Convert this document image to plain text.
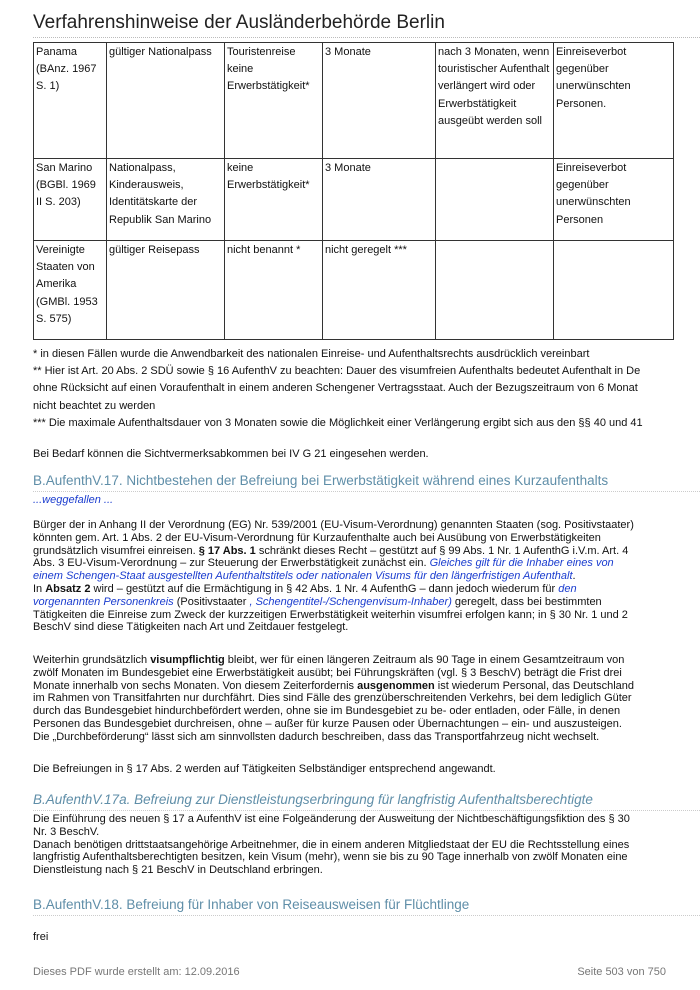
Verfahrenshinweise der Ausländerbehörde Berlin
Panama (BAnz. 1967 S. 1)	gültiger Nationalpass	Touristenreise keine Erwerbstätigkeit*	3 Monate	nach 3 Monaten, wenn touristischer Aufenthalt verlängert wird oder Erwerbstätigkeit ausgeübt werden soll	Einreiseverbot gegenüber unerwünschten Personen.
San Marino (BGBl. 1969 II S. 203)	Nationalpass, Kinderausweis, Identitätskarte der Republik San Marino	keine Erwerbstätigkeit*	3 Monate		Einreiseverbot gegenüber unerwünschten Personen
Vereinigte Staaten von Amerika (GMBl. 1953 S. 575)	gültiger Reisepass	nicht benannt *	nicht geregelt ***		
* in diesen Fällen wurde die Anwendbarkeit des nationalen Einreise- und Aufenthaltsrechts ausdrücklich vereinbart
** Hier ist Art. 20 Abs. 2 SDÜ sowie § 16 AufenthV zu beachten: Dauer des visumfreien Aufenthalts bedeutet Aufenthalt in De
ohne Rücksicht auf einen Voraufenthalt in einem anderen Schengener Vertragsstaat. Auch der Bezugszeitraum von 6 Monat
nicht beachtet zu werden
*** Die maximale Aufenthaltsdauer von 3 Monaten sowie die Möglichkeit einer Verlängerung ergibt sich aus den §§ 40 und 41
Bei Bedarf können die Sichtvermerksabkommen bei IV G 21 eingesehen werden.
B.AufenthV.17. Nichtbestehen der Befreiung bei Erwerbstätigkeit während eines Kurzaufenthalts
...weggefallen ...
Bürger der in Anhang II der Verordnung (EG) Nr. 539/2001 (EU-Visum-Verordnung) genannten Staaten (sog. Positivstaater)
könnten gem. Art. 1 Abs. 2 der EU-Visum-Verordnung für Kurzaufenthalte auch bei Ausübung von Erwerbstätigkeiten
grundsätzlich visumfrei einreisen. § 17 Abs. 1 schränkt dieses Recht – gestützt auf § 99 Abs. 1 Nr. 1 AufenthG i.V.m. Art. 4
Abs. 3 EU-Visum-Verordnung – zur Steuerung der Erwerbstätigkeit zunächst ein. Gleiches gilt für die Inhaber eines von
einem Schengen-Staat ausgestellten Aufenthaltstitels oder nationalen Visums für den längerfristigen Aufenthalt.
In Absatz 2 wird – gestützt auf die Ermächtigung in § 42 Abs. 1 Nr. 4 AufenthG – dann jedoch wiederum für den
vorgenannten Personenkreis (Positivstaater , Schengentitel-/Schengenvisum-Inhaber) geregelt, dass bei bestimmten
Tätigkeiten die Einreise zum Zweck der kurzzeitigen Erwerbstätigkeit weiterhin visumfrei erfolgen kann; in § 30 Nr. 1 und 2
BeschV sind diese Tätigkeiten nach Art und Zeitdauer festgelegt.
Weiterhin grundsätzlich visumpflichtig bleibt, wer für einen längeren Zeitraum als 90 Tage in einem Gesamtzeitraum von
zwölf Monaten im Bundesgebiet eine Erwerbstätigkeit ausübt; bei Führungskräften (vgl. § 3 BeschV) beträgt die Frist drei
Monate innerhalb von sechs Monaten. Von diesem Zeiterfordernis ausgenommen ist wiederum Personal, das Deutschland
im Rahmen von Transitfahrten nur durchfährt. Dies sind Fälle des grenzüberschreitenden Verkehrs, bei dem lediglich Güter
durch das Bundesgebiet hindurchbefördert werden, ohne sie im Bundesgebiet zu be- oder entladen, oder Fälle, in denen
Personen das Bundesgebiet durchreisen, ohne – außer für kurze Pausen oder Übernachtungen – ein- und auszusteigen.
Die „Durchbeförderung“ lässt sich am sinnvollsten dadurch beschreiben, dass das Transportfahrzeug nicht wechselt.
Die Befreiungen in § 17 Abs. 2 werden auf Tätigkeiten Selbständiger entsprechend angewandt.
B.AufenthV.17a. Befreiung zur Dienstleistungserbringung für langfristig Aufenthaltsberechtigte
Die Einführung des neuen § 17 a AufenthV ist eine Folgeänderung der Ausweitung der Nichtbeschäftigungsfiktion des § 30
Nr. 3 BeschV.
Danach benötigen drittstaatsangehörige Arbeitnehmer, die in einem anderen Mitgliedstaat der EU die Rechtsstellung eines
langfristig Aufenthaltsberechtigten besitzen, kein Visum (mehr), wenn sie bis zu 90 Tage innerhalb von zwölf Monaten eine
Dienstleistung nach § 21 BeschV in Deutschland erbringen.
B.AufenthV.18. Befreiung für Inhaber von Reiseausweisen für Flüchtlinge
frei
Dieses PDF wurde erstellt am: 12.09.2016	Seite 503 von 750
